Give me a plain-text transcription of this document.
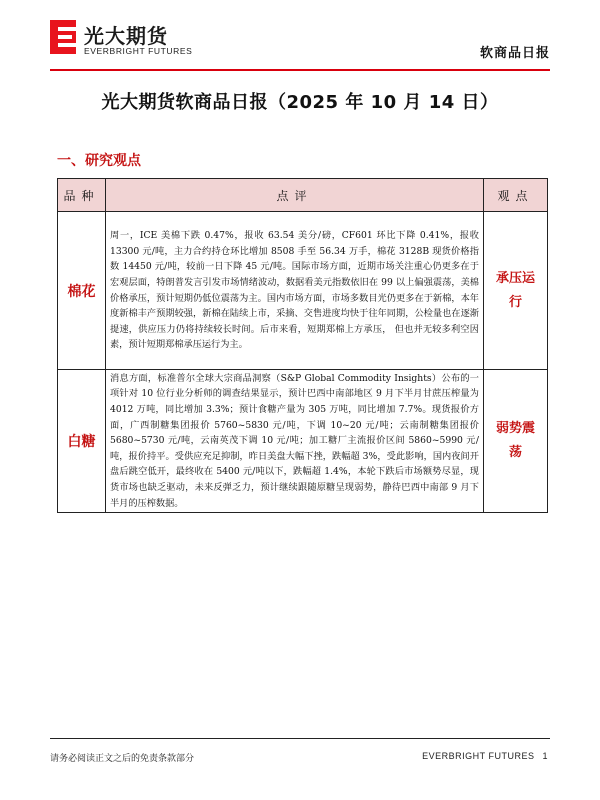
光大期货
EVERBRIGHT FUTURES	软商品日报
光大期货软商品日报（2025 年 10 月 14 日）
一、研究观点
品种	点评	观点
棉花	周一，ICE 美棉下跌 0.47%，报收 63.54 美分/磅，CF601 环比下降 0.41%，报收 13300 元/吨，主力合约持仓环比增加 8508 手至 56.34 万手，棉花 3128B 现货价格指数 14450 元/吨，较前一日下降 45 元/吨。国际市场方面，近期市场关注重心仍更多在于宏观层面，特朗普发言引发市场情绪波动，数据看美元指数依旧在 99 以上偏强震荡，美棉价格承压，预计短期仍低位震荡为主。国内市场方面，市场多数目光仍更多在于新棉，本年度新棉丰产预期较强，新棉在陆续上市，采摘、交售进度均快于往年同期，公检量也在逐渐提速，供应压力仍将持续较长时间。后市来看，短期郑棉上方承压， 但也并无较多利空因素，预计短期郑棉承压运行为主。	承压运行
白糖	消息方面，标准普尔全球大宗商品洞察（S&P Global Commodity Insights）公布的一项针对 10 位行业分析师的调查结果显示，预计巴西中南部地区 9 月下半月甘蔗压榨量为 4012 万吨，同比增加 3.3%；预计食糖产量为 305 万吨，同比增加 7.7%。现货报价方面，广西制糖集团报价 5760~5830 元/吨，下调 10~20 元/吨；云南制糖集团报价 5680~5730 元/吨，云南英茂下调 10 元/吨；加工糖厂主流报价区间 5860~5990 元/吨，报价持平。受供应充足抑制，昨日美盘大幅下挫，跌幅超 3%，受此影响，国内夜间开盘后跳空低开，最终收在 5400 元/吨以下，跌幅超 1.4%，本轮下跌后市场额势尽显，现货市场也缺乏驱动，未来反弹乏力，预计继续跟随原糖呈现弱势，静待巴西中南部 9 月下半月的压榨数据。	弱势震荡
请务必阅读正文之后的免责条款部分	EVERBRIGHT FUTURES 1
